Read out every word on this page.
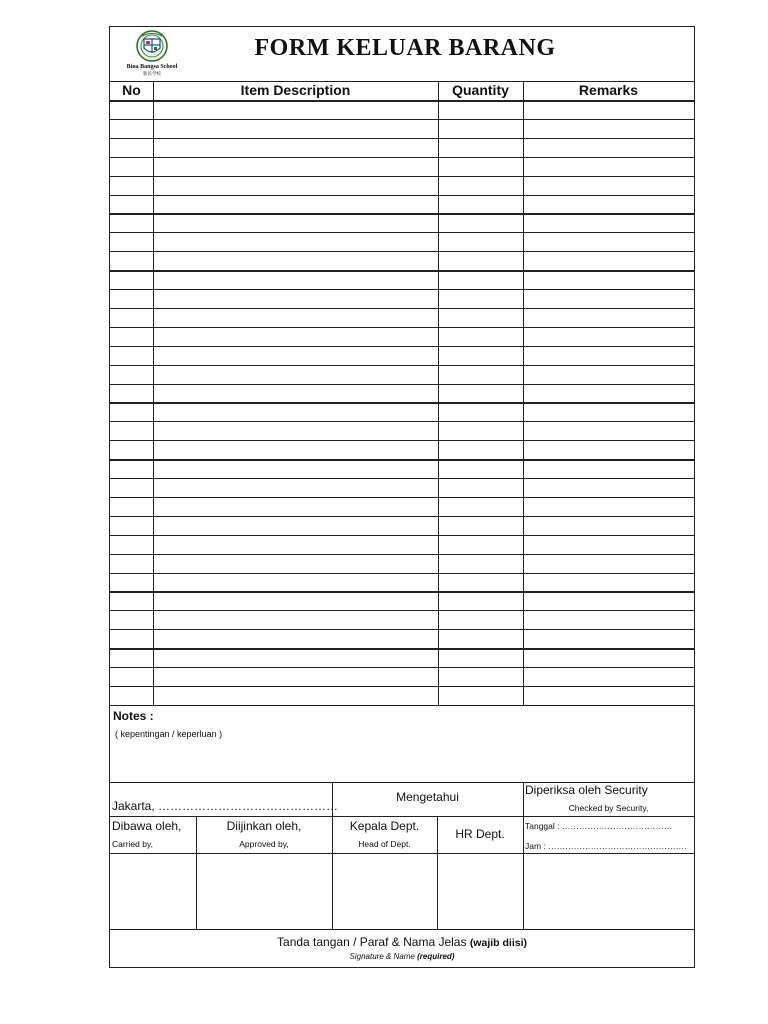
Bina Bangsa School
新民学校
FORM KELUAR BARANG
No	Item Description	Quantity	Remarks
Notes :
( kepentingan / keperluan )
Jakarta, ………………………………………
Mengetahui	Diperiksa oleh Security
Checked by Security,
Dibawa oleh,
Carried by,
Diijinkan oleh,
Approved by,
Kepala Dept.
Head of Dept.
HR Dept.
Tanggal : …………………………………
Jam : ………………………………………….
Tanda tangan / Paraf & Nama Jelas (wajib diisi)
Signature & Name (required)
